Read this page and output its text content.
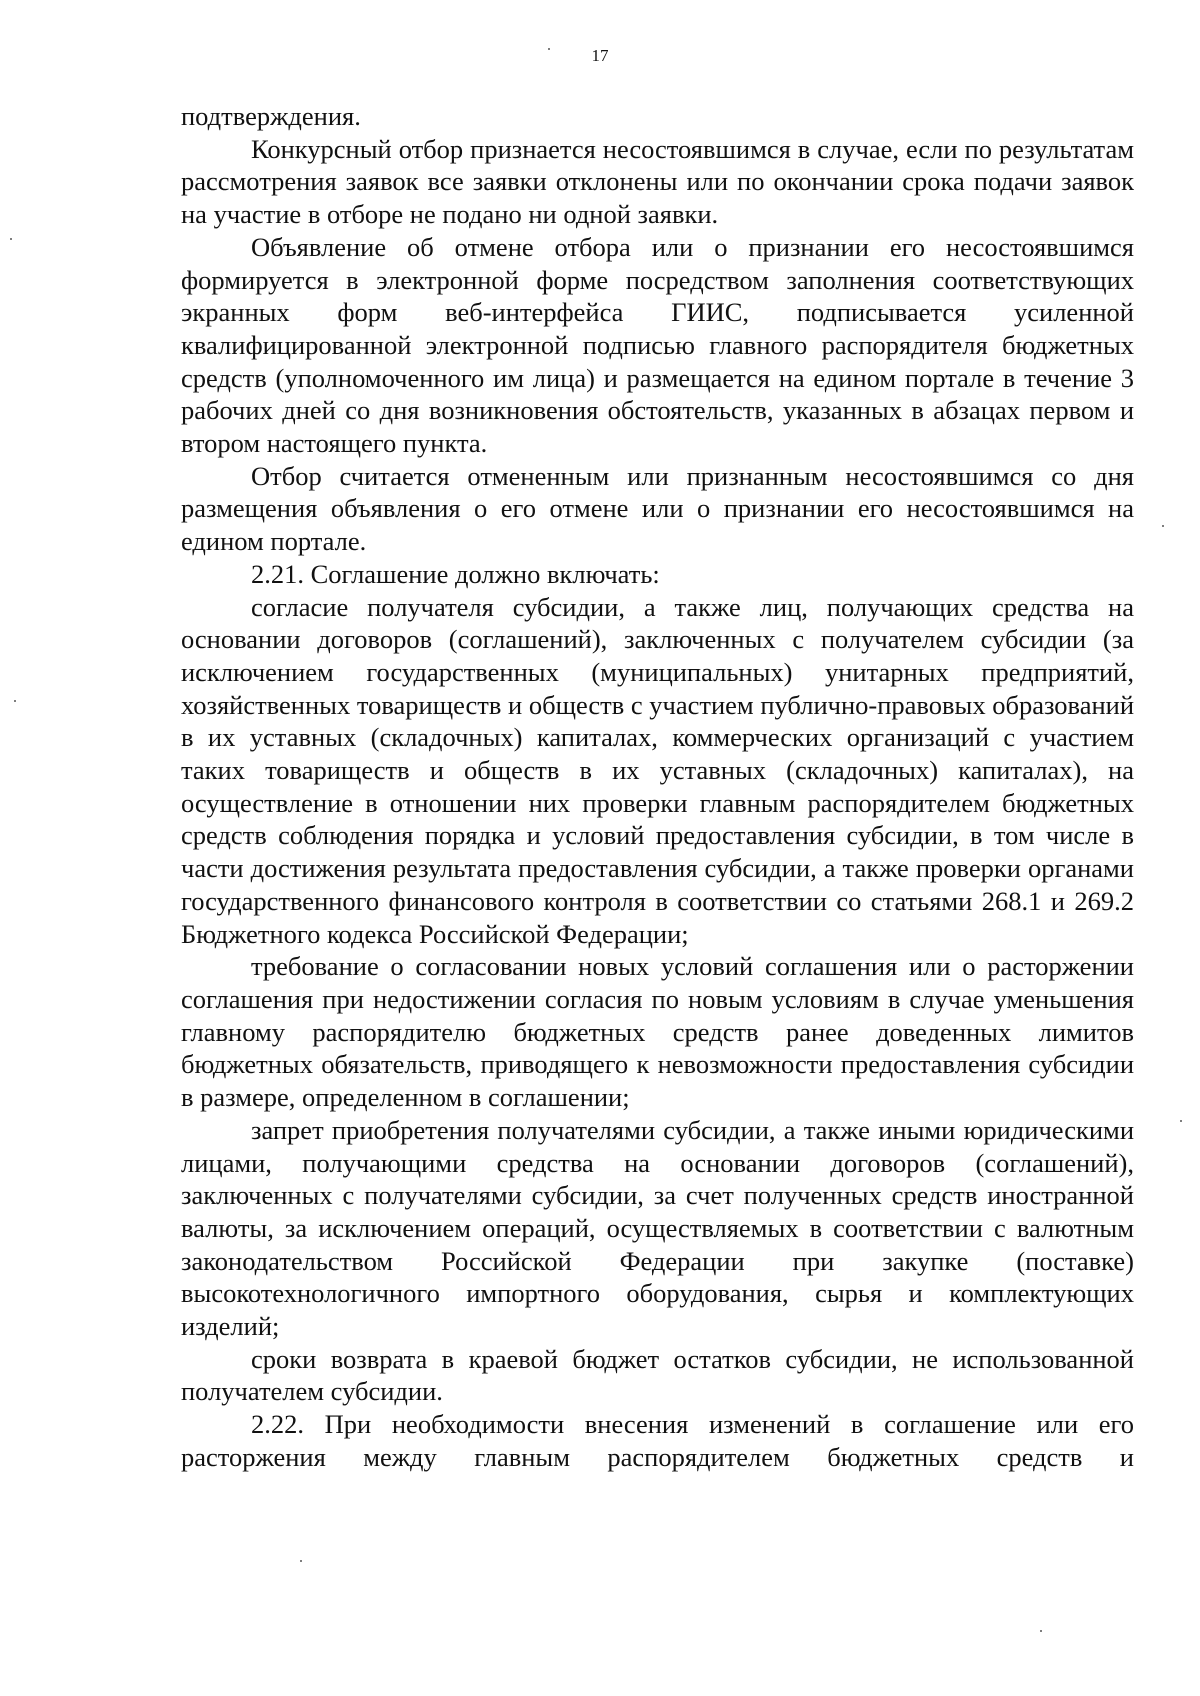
17

подтверждения.

Конкурсный отбор признается несостоявшимся в случае, если по результатам рассмотрения заявок все заявки отклонены или по окончании срока подачи заявок на участие в отборе не подано ни одной заявки.

Объявление об отмене отбора или о признании его несостоявшимся формируется в электронной форме посредством заполнения соответствующих экранных форм веб-интерфейса ГИИС, подписывается усиленной квалифицированной электронной подписью главного распорядителя бюджетных средств (уполномоченного им лица) и размещается на едином портале в течение 3 рабочих дней со дня возникновения обстоятельств, указанных в абзацах первом и втором настоящего пункта.

Отбор считается отмененным или признанным несостоявшимся со дня размещения объявления о его отмене или о признании его несостоявшимся на едином портале.

2.21. Соглашение должно включать:

согласие получателя субсидии, а также лиц, получающих средства на основании договоров (соглашений), заключенных с получателем субсидии (за исключением государственных (муниципальных) унитарных предприятий, хозяйственных товариществ и обществ с участием публично-правовых образований в их уставных (складочных) капиталах, коммерческих организаций с участием таких товариществ и обществ в их уставных (складочных) капиталах), на осуществление в отношении них проверки главным распорядителем бюджетных средств соблюдения порядка и условий предоставления субсидии, в том числе в части достижения результата предоставления субсидии, а также проверки органами государственного финансового контроля в соответствии со статьями 268.1 и 269.2 Бюджетного кодекса Российской Федерации;

требование о согласовании новых условий соглашения или о расторжении соглашения при недостижении согласия по новым условиям в случае уменьшения главному распорядителю бюджетных средств ранее доведенных лимитов бюджетных обязательств, приводящего к невозможности предоставления субсидии в размере, определенном в соглашении;

запрет приобретения получателями субсидии, а также иными юридическими лицами, получающими средства на основании договоров (соглашений), заключенных с получателями субсидии, за счет полученных средств иностранной валюты, за исключением операций, осуществляемых в соответствии с валютным законодательством Российской Федерации при закупке (поставке) высокотехнологичного импортного оборудования, сырья и комплектующих изделий;

сроки возврата в краевой бюджет остатков субсидии, не использованной получателем субсидии.

2.22. При необходимости внесения изменений в соглашение или его расторжения между главным распорядителем бюджетных средств и
